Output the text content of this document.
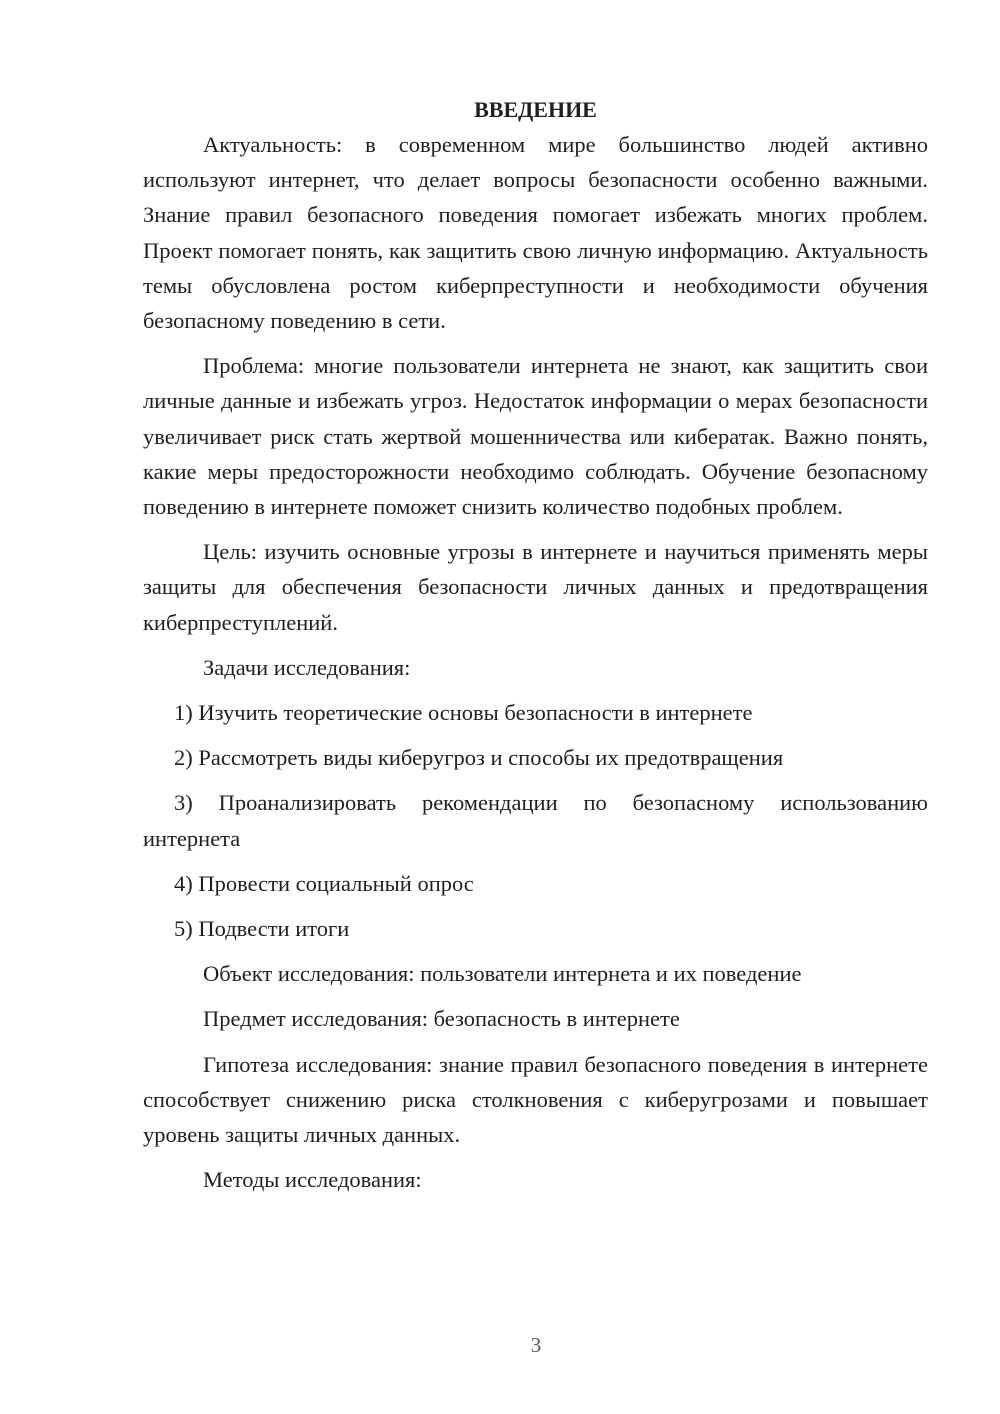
ВВЕДЕНИЕ

Актуальность: в современном мире большинство людей активно используют интернет, что делает вопросы безопасности особенно важными. Знание правил безопасного поведения помогает избежать многих проблем. Проект помогает понять, как защитить свою личную информацию. Актуальность темы обусловлена ростом киберпреступности и необходимости обучения безопасному поведению в сети.

Проблема: многие пользователи интернета не знают, как защитить свои личные данные и избежать угроз. Недостаток информации о мерах безопасности увеличивает риск стать жертвой мошенничества или кибератак. Важно понять, какие меры предосторожности необходимо соблюдать. Обучение безопасному поведению в интернете поможет снизить количество подобных проблем.

Цель: изучить основные угрозы в интернете и научиться применять меры защиты для обеспечения безопасности личных данных и предотвращения киберпреступлений.

Задачи исследования:

1) Изучить теоретические основы безопасности в интернете

2) Рассмотреть виды киберугроз и способы их предотвращения

3) Проанализировать рекомендации по безопасному использованию интернета

4) Провести социальный опрос

5) Подвести итоги

Объект исследования: пользователи интернета и их поведение

Предмет исследования: безопасность в интернете

Гипотеза исследования: знание правил безопасного поведения в интернете способствует снижению риска столкновения с киберугрозами и повышает уровень защиты личных данных.

Методы исследования:

3
